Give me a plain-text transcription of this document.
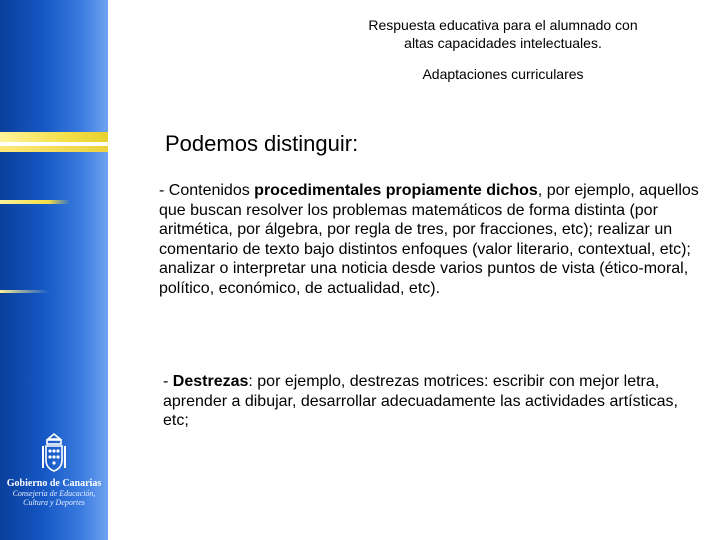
Gobierno de Canarias
Consejería de Educación,
Cultura y Deportes
Respuesta educativa para el alumnado con
altas capacidades intelectuales.
Adaptaciones curriculares
Podemos distinguir:

- Contenidos procedimentales propiamente dichos, por ejemplo, aquellos que buscan resolver los problemas matemáticos de forma distinta (por aritmética, por álgebra, por regla de tres, por fracciones, etc); realizar un comentario de texto bajo distintos enfoques (valor literario, contextual, etc); analizar o interpretar una noticia desde varios puntos de vista (ético-moral, político, económico, de actualidad, etc).

- Destrezas: por ejemplo, destrezas motrices: escribir con mejor letra, aprender a dibujar, desarrollar adecuadamente las actividades artísticas, etc;
